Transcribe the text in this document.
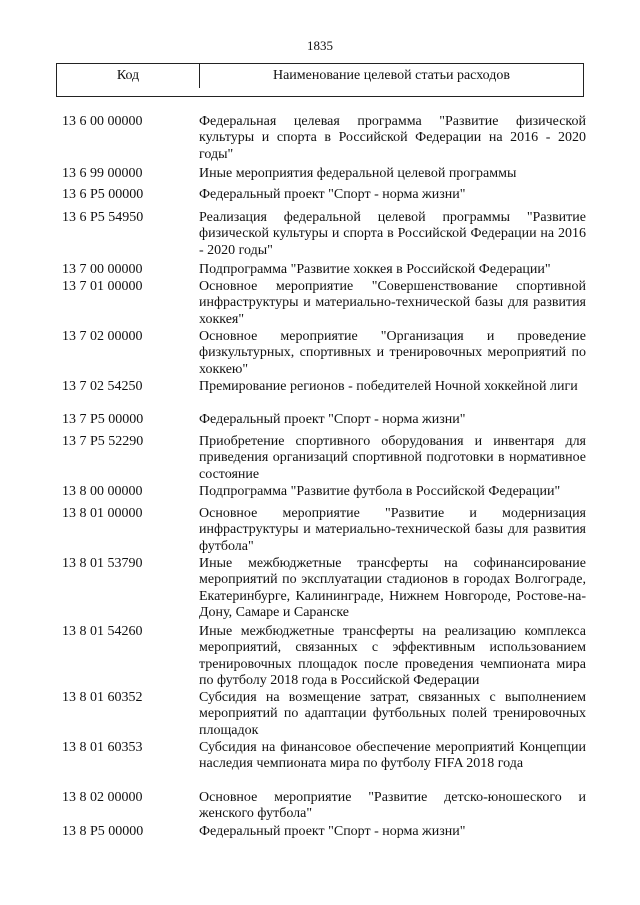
1835
Код	Наименование целевой статьи расходов
13 6 00 00000	Федеральная целевая программа "Развитие физической культуры и спорта в Российской Федерации на 2016 - 2020 годы"
13 6 99 00000	Иные мероприятия федеральной целевой программы
13 6 Р5 00000	Федеральный проект "Спорт - норма жизни"
13 6 Р5 54950	Реализация федеральной целевой программы "Развитие физической культуры и спорта в Российской Федерации на 2016 - 2020 годы"
13 7 00 00000	Подпрограмма "Развитие хоккея в Российской Федерации"
13 7 01 00000	Основное мероприятие "Совершенствование спортивной инфраструктуры и материально-технической базы для развития хоккея"
13 7 02 00000	Основное мероприятие "Организация и проведение физкультурных, спортивных и тренировочных мероприятий по хоккею"
13 7 02 54250	Премирование регионов - победителей Ночной хоккейной лиги
13 7 Р5 00000	Федеральный проект "Спорт - норма жизни"
13 7 Р5 52290	Приобретение спортивного оборудования и инвентаря для приведения организаций спортивной подготовки в нормативное состояние
13 8 00 00000	Подпрограмма "Развитие футбола в Российской Федерации"
13 8 01 00000	Основное мероприятие "Развитие и модернизация инфраструктуры и материально-технической базы для развития футбола"
13 8 01 53790	Иные межбюджетные трансферты на софинансирование мероприятий по эксплуатации стадионов в городах Волгограде, Екатеринбурге, Калининграде, Нижнем Новгороде, Ростове-на-Дону, Самаре и Саранске
13 8 01 54260	Иные межбюджетные трансферты на реализацию комплекса мероприятий, связанных с эффективным использованием тренировочных площадок после проведения чемпионата мира по футболу 2018 года в Российской Федерации
13 8 01 60352	Субсидия на возмещение затрат, связанных с выполнением мероприятий по адаптации футбольных полей тренировочных площадок
13 8 01 60353	Субсидия на финансовое обеспечение мероприятий Концепции наследия чемпионата мира по футболу FIFA 2018 года
13 8 02 00000	Основное мероприятие "Развитие детско-юношеского и женского футбола"
13 8 Р5 00000	Федеральный проект "Спорт - норма жизни"
